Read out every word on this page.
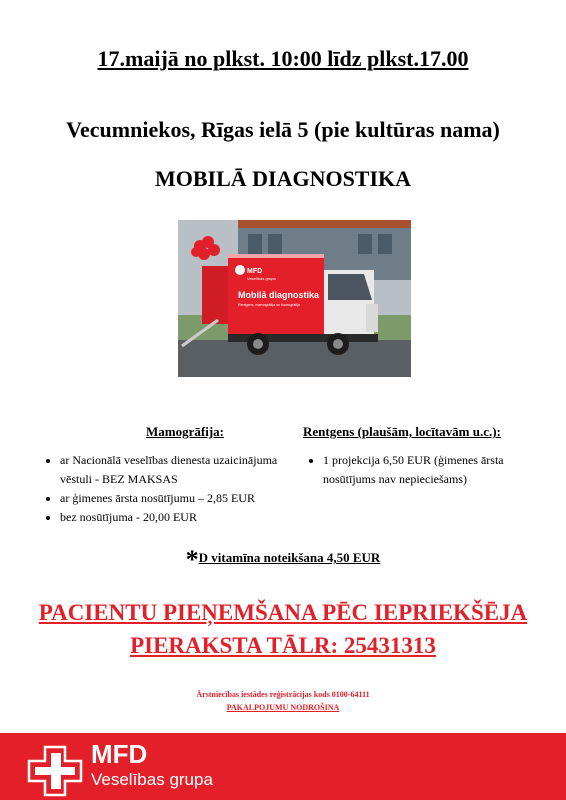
17.maijā no plkst. 10:00 līdz plkst.17.00
Vecumniekos, Rīgas ielā 5 (pie kultūras nama)
MOBILĀ DIAGNOSTIKA
MFD
Veselības grupa
Mobilā diagnostika
Rentgens, mamogrāfija un fluorogrāfija
Mamogrāfija:
• ar Nacionālā veselības dienesta uzaicinājuma vēstuli - BEZ MAKSAS
• ar ģimenes ārsta nosūtījumu – 2,85 EUR
• bez nosūtījuma - 20,00 EUR
Rentgens (plaušām, locītavām u.c.):
• 1 projekcija 6,50 EUR (ģimenes ārsta nosūtījums nav nepieciešams)
*D vitamīna noteikšana 4,50 EUR
PACIENTU PIEŅEMŠANA PĒC IEPRIEKŠĒJA
PIERAKSTA TĀLR: 25431313
Ārstniecības iestādes reģistrācijas kods 0100-64111
PAKALPOJUMU NODROŠINA
MFD
Veselības grupa
